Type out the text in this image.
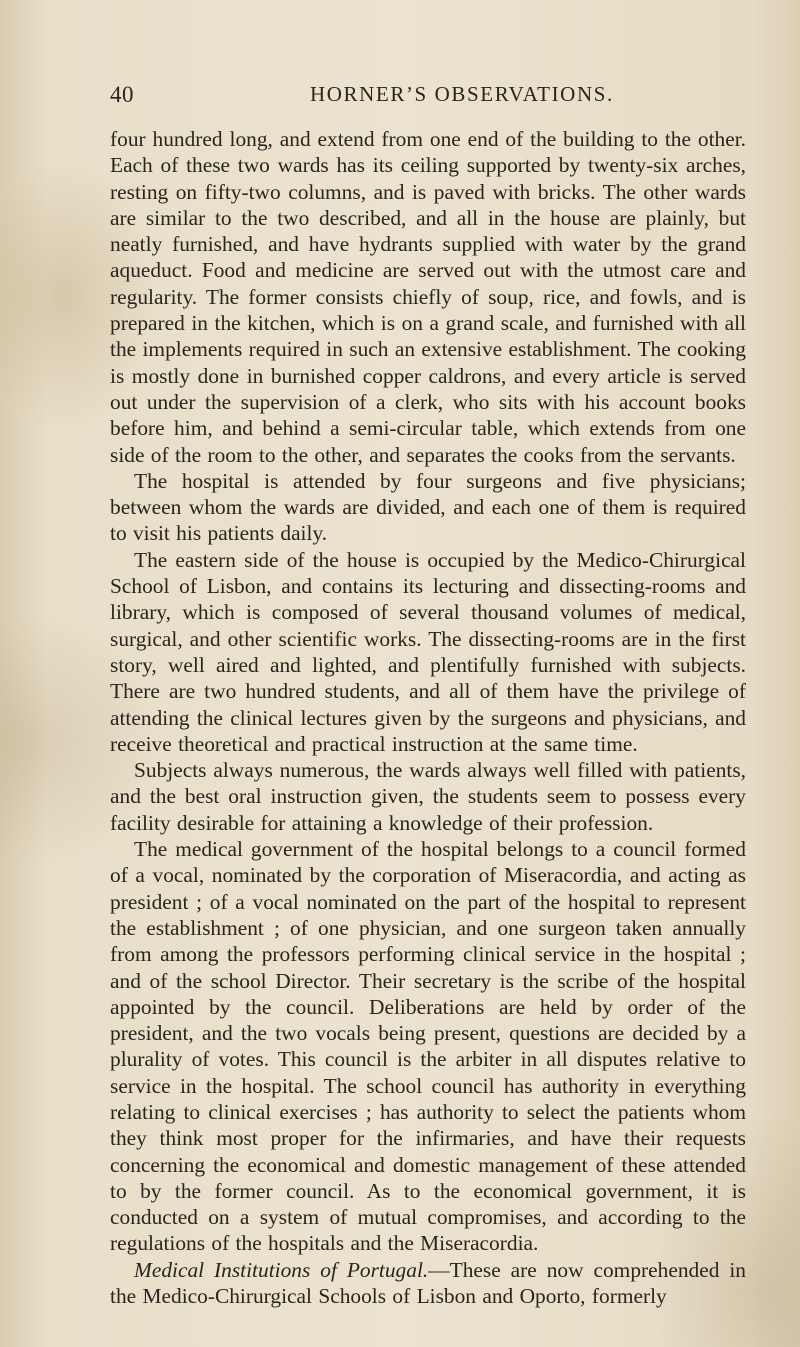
40	HORNER’S OBSERVATIONS.

four hundred long, and extend from one end of the building to the other. Each of these two wards has its ceiling supported by twenty-six arches, resting on fifty-two columns, and is paved with bricks. The other wards are similar to the two described, and all in the house are plainly, but neatly furnished, and have hydrants supplied with water by the grand aqueduct. Food and medicine are served out with the utmost care and regularity. The former consists chiefly of soup, rice, and fowls, and is prepared in the kitchen, which is on a grand scale, and furnished with all the implements required in such an extensive establishment. The cooking is mostly done in burnished copper caldrons, and every article is served out under the supervision of a clerk, who sits with his account books before him, and behind a semi-circular table, which extends from one side of the room to the other, and separates the cooks from the servants.

The hospital is attended by four surgeons and five physicians; between whom the wards are divided, and each one of them is required to visit his patients daily.

The eastern side of the house is occupied by the Medico-Chirurgical School of Lisbon, and contains its lecturing and dissecting-rooms and library, which is composed of several thousand volumes of medical, surgical, and other scientific works. The dissecting-rooms are in the first story, well aired and lighted, and plentifully furnished with subjects. There are two hundred students, and all of them have the privilege of attending the clinical lectures given by the surgeons and physicians, and receive theoretical and practical instruction at the same time.

Subjects always numerous, the wards always well filled with patients, and the best oral instruction given, the students seem to possess every facility desirable for attaining a knowledge of their profession.

The medical government of the hospital belongs to a council formed of a vocal, nominated by the corporation of Miseracordia, and acting as president ; of a vocal nominated on the part of the hospital to represent the establishment ; of one physician, and one surgeon taken annually from among the professors performing clinical service in the hospital ; and of the school Director. Their secretary is the scribe of the hospital appointed by the council. Deliberations are held by order of the president, and the two vocals being present, questions are decided by a plurality of votes. This council is the arbiter in all disputes relative to service in the hospital. The school council has authority in everything relating to clinical exercises ; has authority to select the patients whom they think most proper for the infirmaries, and have their requests concerning the economical and domestic management of these attended to by the former council. As to the economical government, it is conducted on a system of mutual compromises, and according to the regulations of the hospitals and the Miseracordia.

Medical Institutions of Portugal.—These are now comprehended in the Medico-Chirurgical Schools of Lisbon and Oporto, formerly
